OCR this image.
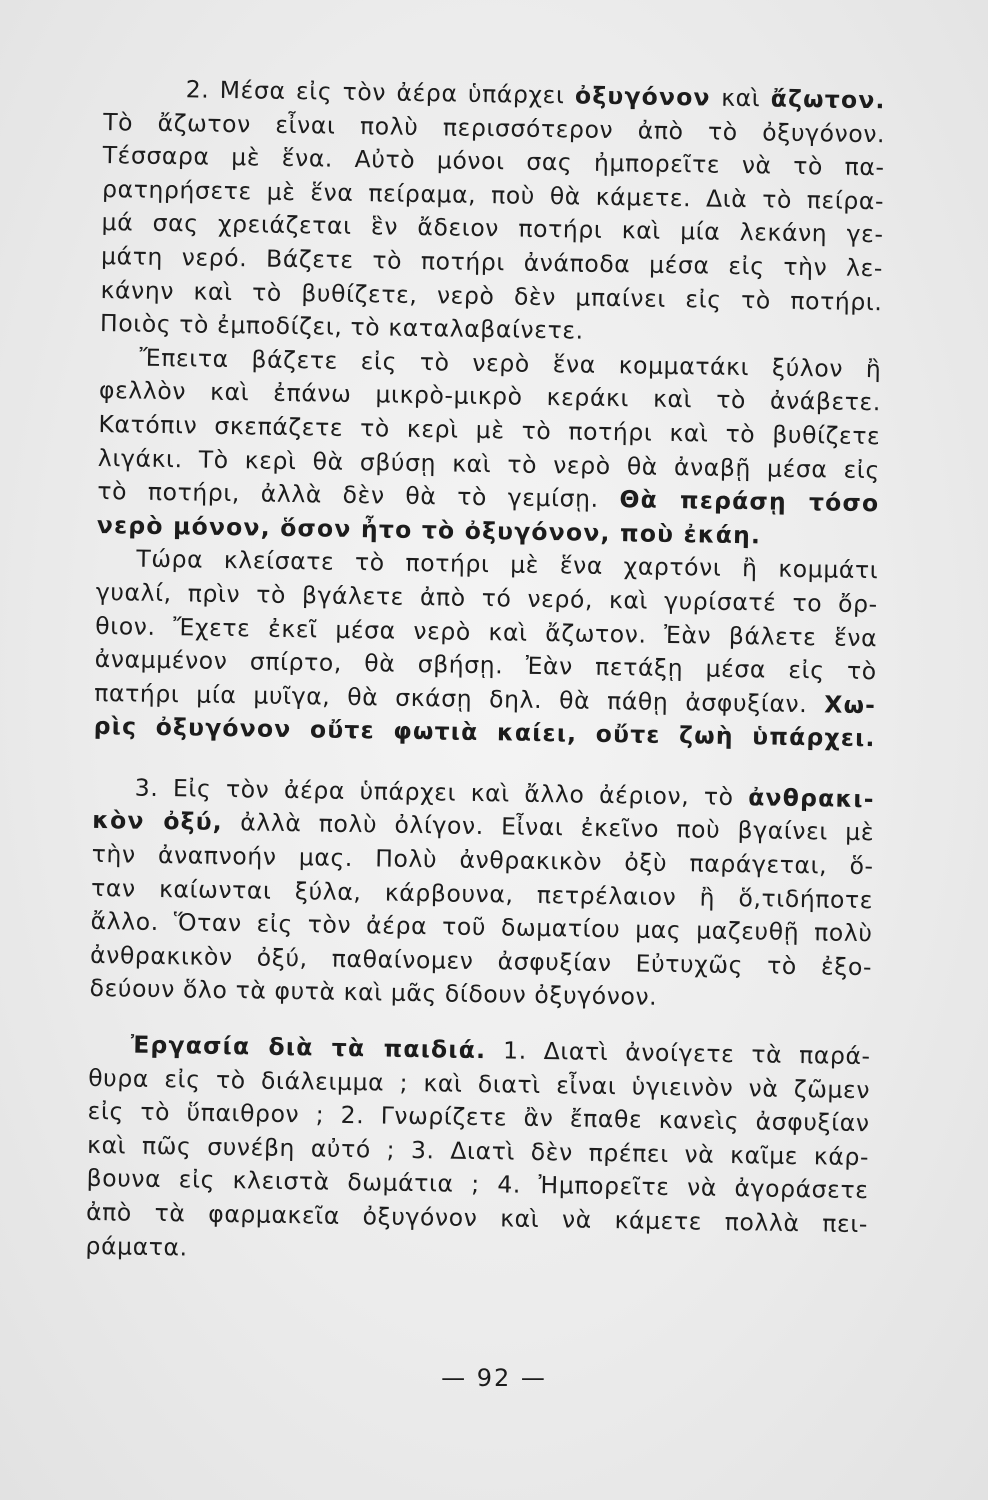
2. Μέσα εἰς τὸν ἀέρα ὑπάρχει ὀξυγόνον καὶ ἄζωτον.
Τὸ ἄζωτον εἶναι πολὺ περισσότερον ἀπὸ τὸ ὀξυγόνον.
Τέσσαρα μὲ ἕνα. Αὐτὸ μόνοι σας ἠμπορεῖτε νὰ τὸ πα-
ρατηρήσετε μὲ ἕνα πείραμα, ποὺ θὰ κάμετε. Διὰ τὸ πείρα-
μά σας χρειάζεται ἓν ἄδειον ποτήρι καὶ μία λεκάνη γε-
μάτη νερό. Βάζετε τὸ ποτήρι ἀνάποδα μέσα εἰς τὴν λε-
κάνην καὶ τὸ βυθίζετε, νερὸ δὲν μπαίνει εἰς τὸ ποτήρι.
Ποιὸς τὸ ἐμποδίζει, τὸ καταλαβαίνετε.
Ἔπειτα βάζετε εἰς τὸ νερὸ ἕνα κομματάκι ξύλον ἢ
φελλὸν καὶ ἐπάνω μικρὸ-μικρὸ κεράκι καὶ τὸ ἀνάβετε.
Κατόπιν σκεπάζετε τὸ κερὶ μὲ τὸ ποτήρι καὶ τὸ βυθίζετε
λιγάκι. Τὸ κερὶ θὰ σβύσῃ καὶ τὸ νερὸ θὰ ἀναβῇ μέσα εἰς
τὸ ποτήρι, ἀλλὰ δὲν θὰ τὸ γεμίσῃ. Θὰ περάσῃ τόσο
νερὸ μόνον, ὅσον ἦτο τὸ ὀξυγόνον, ποὺ ἐκάη.
Τώρα κλείσατε τὸ ποτήρι μὲ ἕνα χαρτόνι ἢ κομμάτι
γυαλί, πρὶν τὸ βγάλετε ἀπὸ τό νερό, καὶ γυρίσατέ το ὄρ-
θιον. Ἔχετε ἐκεῖ μέσα νερὸ καὶ ἄζωτον. Ἐὰν βάλετε ἕνα
ἀναμμένον σπίρτο, θὰ σβήσῃ. Ἐὰν πετάξῃ μέσα εἰς τὸ
πατήρι μία μυῖγα, θὰ σκάσῃ δηλ. θὰ πάθῃ ἀσφυξίαν. Χω-
ρὶς ὀξυγόνον οὔτε φωτιὰ καίει, οὔτε ζωὴ ὑπάρχει.
3. Εἰς τὸν ἀέρα ὑπάρχει καὶ ἄλλο ἀέριον, τὸ ἀνθρακι-
κὸν ὀξύ, ἀλλὰ πολὺ ὀλίγον. Εἶναι ἐκεῖνο ποὺ βγαίνει μὲ
τὴν ἀναπνοήν μας. Πολὺ ἀνθρακικὸν ὀξὺ παράγεται, ὅ-
ταν καίωνται ξύλα, κάρβουνα, πετρέλαιον ἢ ὅ,τιδήποτε
ἄλλο. Ὅταν εἰς τὸν ἀέρα τοῦ δωματίου μας μαζευθῇ πολὺ
ἀνθρακικὸν ὀξύ, παθαίνομεν ἀσφυξίαν Εὐτυχῶς τὸ ἐξο-
δεύουν ὅλο τὰ φυτὰ καὶ μᾶς δίδουν ὀξυγόνον.
Ἐργασία διὰ τὰ παιδιά. 1. Διατὶ ἀνοίγετε τὰ παρά-
θυρα εἰς τὸ διάλειμμα ; καὶ διατὶ εἶναι ὑγιεινὸν νὰ ζῶμεν
εἰς τὸ ὕπαιθρον ; 2. Γνωρίζετε ἂν ἔπαθε κανεὶς ἀσφυξίαν
καὶ πῶς συνέβη αὐτό ; 3. Διατὶ δὲν πρέπει νὰ καῖμε κάρ-
βουνα εἰς κλειστὰ δωμάτια ; 4. Ἠμπορεῖτε νὰ ἀγοράσετε
ἀπὸ τὰ φαρμακεῖα ὀξυγόνον καὶ νὰ κάμετε πολλὰ πει-
ράματα.
— 92 —
